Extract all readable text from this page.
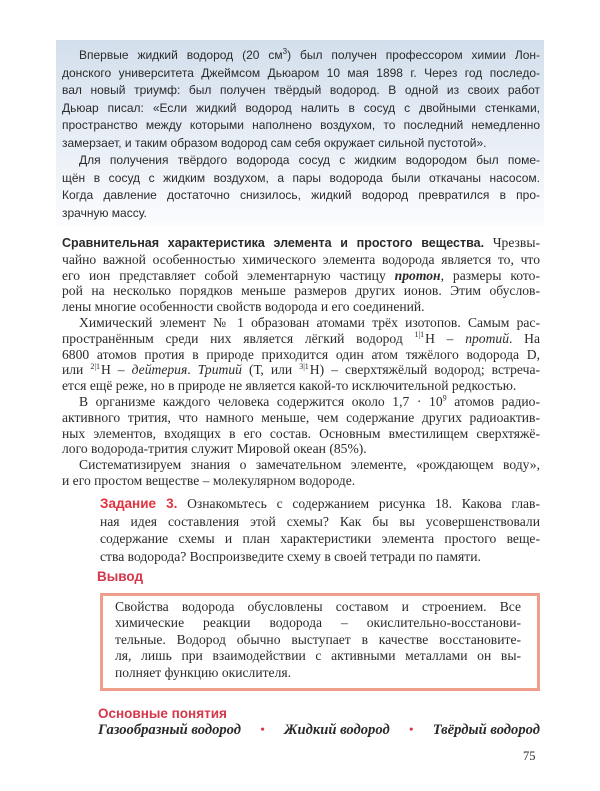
Впервые жидкий водород (20 $см^3$) был получен профессором химии Лон-
донского университета Джеймсом Дьюаром 10 мая 1898 г. Через год последо-
вал новый триумф: был получен твёрдый водород. В одной из своих работ
Дьюар писал: «Если жидкий водород налить в сосуд с двойными стенками,
пространство между которыми наполнено воздухом, то последний немедленно
замерзает, и таким образом водород сам себя окружает сильной пустотой».
Для получения твёрдого водорода сосуд с жидким водородом был поме-
щён в сосуд с жидким воздухом, а пары водорода были откачаны насосом.
Когда давление достаточно снизилось, жидкий водород превратился в про-
зрачную массу.
Сравнительная характеристика элемента и простого вещества. Чрезвы-
чайно важной особенностью химического элемента водорода является то, что
его ион представляет собой элементарную частицу протон, размеры кото-
рой на несколько порядков меньше размеров других ионов. Этим обуслов-
лены многие особенности свойств водорода и его соединений.
Химический элемент № 1 образован атомами трёх изотопов. Самым рас-
пространённым среди них является лёгкий водород $^{1|1}$H – протий. На
6800 атомов протия в природе приходится один атом тяжёлого водорода D,
или $^{2|1}$H – дейтерия. Тритий (Т, или $^{3|1}$H) – сверхтяжёлый водород; встреча-
ется ещё реже, но в природе не является какой-то исключительной редкостью.
В организме каждого человека содержится около $1,7 \cdot 10^9$ атомов радио-
активного трития, что намного меньше, чем содержание других радиоактив-
ных элементов, входящих в его состав. Основным вместилищем сверхтяжё-
лого водорода-трития служит Мировой океан (85%).
Систематизируем знания о замечательном элементе, «рождающем воду»,
и его простом веществе – молекулярном водороде.
Задание 3. Ознакомьтесь с содержанием рисунка 18. Какова глав-
ная идея составления этой схемы? Как бы вы усовершенствовали
содержание схемы и план характеристики элемента простого веще-
ства водорода? Воспроизведите схему в своей тетради по памяти.
Вывод
Свойства водорода обусловлены составом и строением. Все
химические реакции водорода – окислительно-восстанови-
тельные. Водород обычно выступает в качестве восстановите-
ля, лишь при взаимодействии с активными металлами он вы-
полняет функцию окислителя.
Основные понятия
Газообразный водород • Жидкий водород • Твёрдый водород
75
